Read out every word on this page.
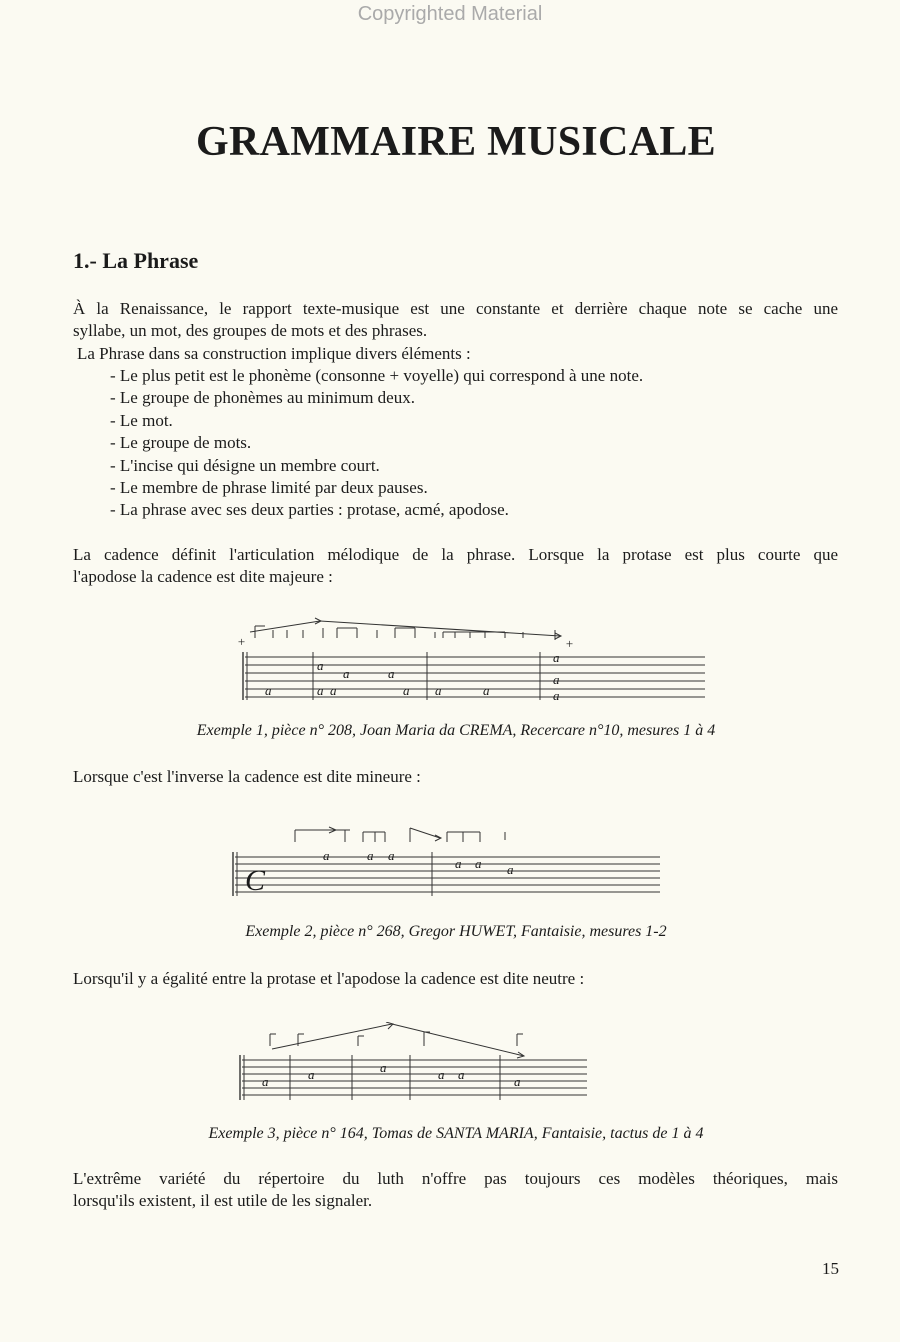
Copyrighted Material
GRAMMAIRE MUSICALE
1.- La Phrase

À la Renaissance, le rapport texte-musique est une constante et derrière chaque note se cache une

syllabe, un mot, des groupes de mots et des phrases.

La Phrase dans sa construction implique divers éléments :

- Le plus petit est le phonème (consonne + voyelle) qui correspond à une note.
- Le groupe de phonèmes au minimum deux.
- Le mot.
- Le groupe de mots.
- L'incise qui désigne un membre court.
- Le membre de phrase limité par deux pauses.
- La phrase avec ses deux parties : protase, acmé, apodose.

La cadence définit l'articulation mélodique de la phrase. Lorsque la protase est plus courte que

l'apodose la cadence est dite majeure :

+	+
a
a
a a
a
a
a
a
a
a
a	a

Exemple 1, pièce n° 208, Joan Maria da CREMA, Recercare n°10, mesures 1 à 4

Lorsque c'est l'inverse la cadence est dite mineure :

C
a	a a
a a a

Exemple 2, pièce n° 268, Gregor HUWET, Fantaisie, mesures 1-2

Lorsqu'il y a égalité entre la protase et l'apodose la cadence est dite neutre :

a	a	a	a a	a

Exemple 3, pièce n° 164, Tomas de SANTA MARIA, Fantaisie, tactus de 1 à 4

L'extrême variété du répertoire du luth n'offre pas toujours ces modèles théoriques, mais

lorsqu'ils existent, il est utile de les signaler.

15
